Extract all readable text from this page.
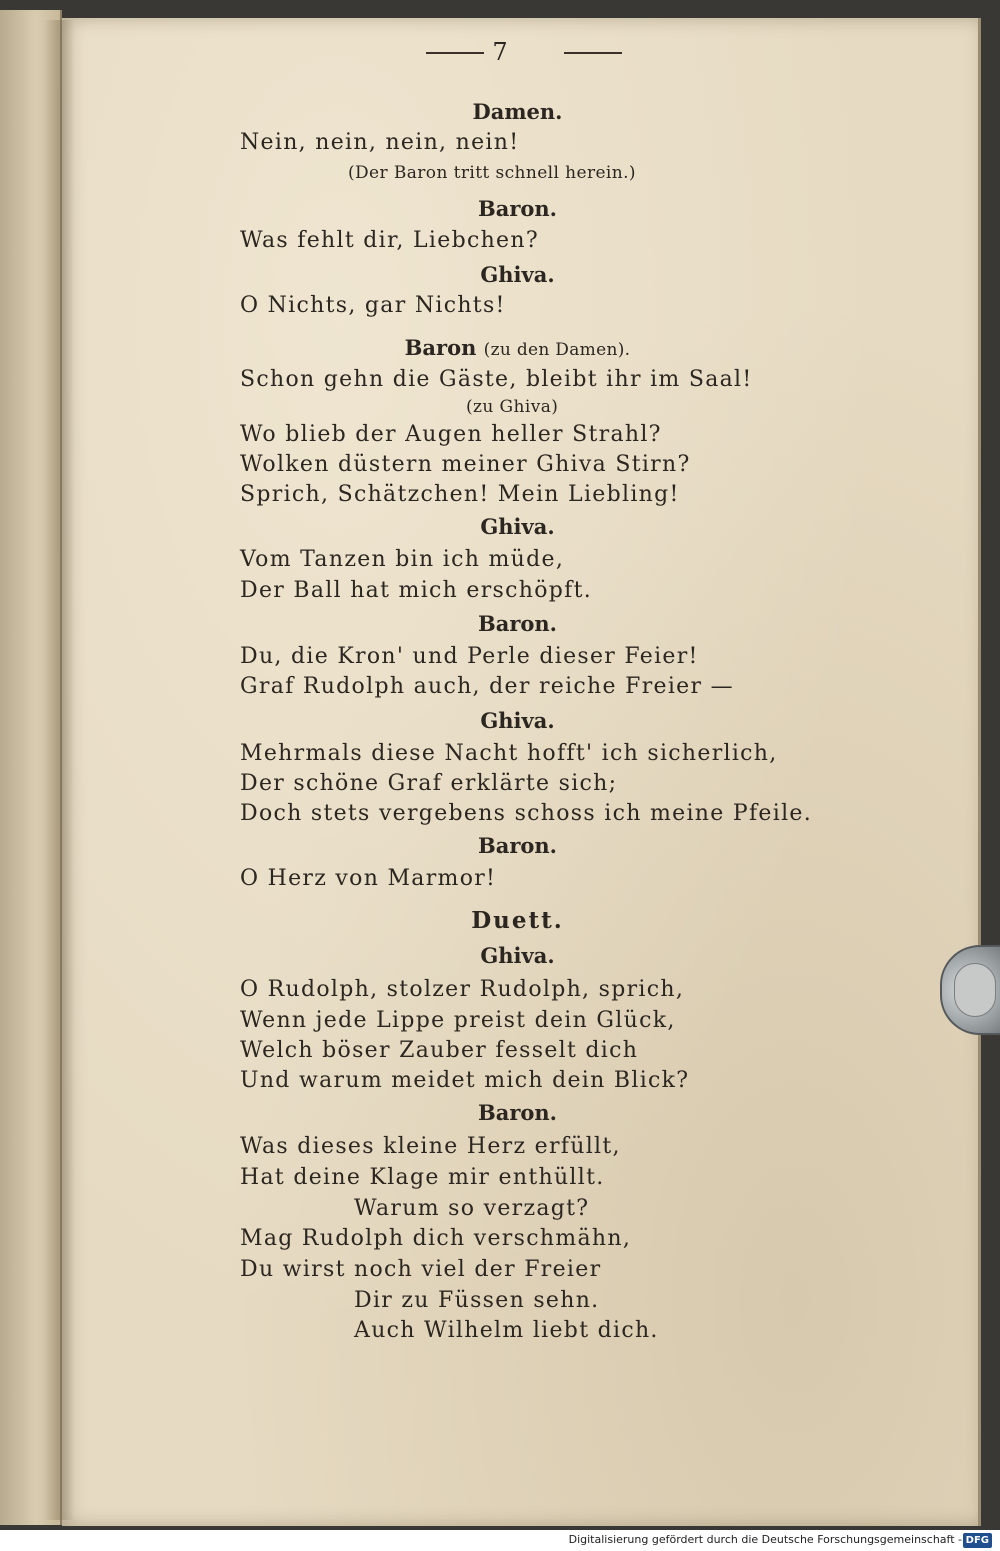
7
Damen.
Nein, nein, nein, nein!
(Der Baron tritt schnell herein.)
Baron.
Was fehlt dir, Liebchen?
Ghiva.
O Nichts, gar Nichts!
Baron (zu den Damen).
Schon gehn die Gäste, bleibt ihr im Saal!
(zu Ghiva)
Wo blieb der Augen heller Strahl?
Wolken düstern meiner Ghiva Stirn?
Sprich, Schätzchen! Mein Liebling!
Ghiva.
Vom Tanzen bin ich müde,
Der Ball hat mich erschöpft.
Baron.
Du, die Kron' und Perle dieser Feier!
Graf Rudolph auch, der reiche Freier —
Ghiva.
Mehrmals diese Nacht hofft' ich sicherlich,
Der schöne Graf erklärte sich;
Doch stets vergebens schoss ich meine Pfeile.
Baron.
O Herz von Marmor!
Duett.
Ghiva.
O Rudolph, stolzer Rudolph, sprich,
Wenn jede Lippe preist dein Glück,
Welch böser Zauber fesselt dich
Und warum meidet mich dein Blick?
Baron.
Was dieses kleine Herz erfüllt,
Hat deine Klage mir enthüllt.
Warum so verzagt?
Mag Rudolph dich verschmähn,
Du wirst noch viel der Freier
Dir zu Füssen sehn.
Auch Wilhelm liebt dich.
Digitalisierung gefördert durch die Deutsche Forschungsgemeinschaft - DFG
